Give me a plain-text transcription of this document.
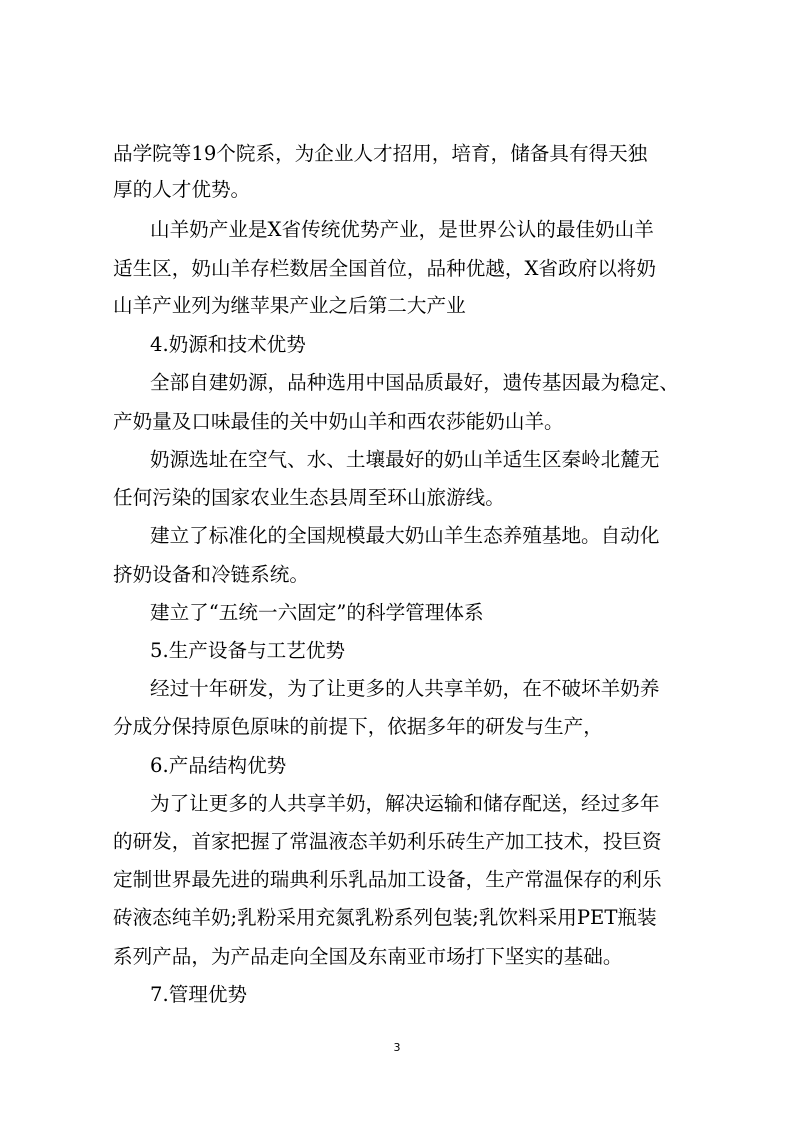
品学院等19个院系，为企业人才招用，培育，储备具有得天独
厚的人才优势。
山羊奶产业是X省传统优势产业，是世界公认的最佳奶山羊
适生区，奶山羊存栏数居全国首位，品种优越，X省政府以将奶
山羊产业列为继苹果产业之后第二大产业
4.奶源和技术优势
全部自建奶源，品种选用中国品质最好，遗传基因最为稳定、
产奶量及口味最佳的关中奶山羊和西农莎能奶山羊。
奶源选址在空气、水、土壤最好的奶山羊适生区秦岭北麓无
任何污染的国家农业生态县周至环山旅游线。
建立了标准化的全国规模最大奶山羊生态养殖基地。自动化
挤奶设备和冷链系统。
建立了“五统一六固定”的科学管理体系
5.生产设备与工艺优势
经过十年研发，为了让更多的人共享羊奶，在不破坏羊奶养
分成分保持原色原味的前提下，依据多年的研发与生产，
6.产品结构优势
为了让更多的人共享羊奶，解决运输和储存配送，经过多年
的研发，首家把握了常温液态羊奶利乐砖生产加工技术，投巨资
定制世界最先进的瑞典利乐乳品加工设备，生产常温保存的利乐
砖液态纯羊奶;乳粉采用充氮乳粉系列包装;乳饮料采用PET瓶装
系列产品，为产品走向全国及东南亚市场打下坚实的基础。
7.管理优势
3
